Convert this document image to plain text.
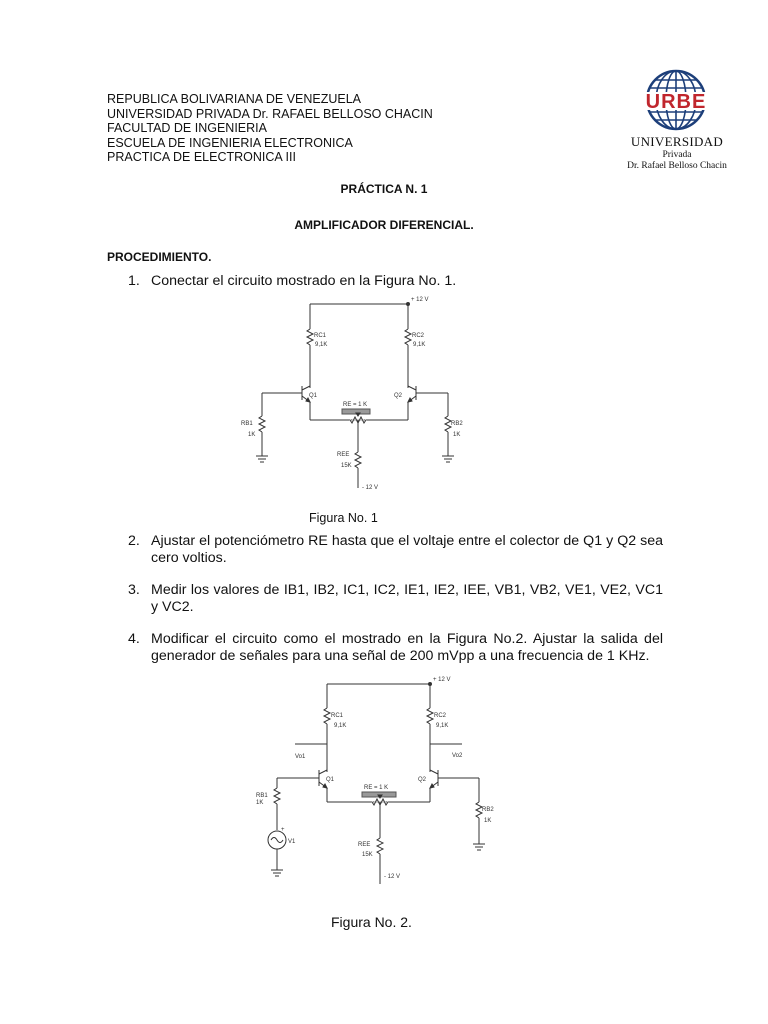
REPUBLICA BOLIVARIANA DE VENEZUELA
UNIVERSIDAD PRIVADA Dr. RAFAEL BELLOSO CHACIN
FACULTAD DE INGENIERIA
ESCUELA DE INGENIERIA ELECTRONICA
PRACTICA DE ELECTRONICA III
URBE
UNIVERSIDAD
Privada
Dr. Rafael Belloso Chacin
PRÁCTICA N. 1
AMPLIFICADOR DIFERENCIAL.
PROCEDIMIENTO.
1. Conectar el circuito mostrado en la Figura No. 1.
+ 12 V
RC1
9,1K
RC2
9,1K
Q1	Q2
RE = 1 K
REE
15K
- 12 V
RB1
1K
RB2
1K
Figura No. 1
2. Ajustar el potenciómetro RE hasta que el voltaje entre el colector de Q1 y Q2 sea cero voltios.
3. Medir los valores de IB1, IB2, IC1, IC2, IE1, IE2, IEE, VB1, VB2, VE1, VE2, VC1 y VC2.
4. Modificar el circuito como el mostrado en la Figura No.2. Ajustar la salida del generador de señales para una señal de 200 mVpp a una frecuencia de 1 KHz.
+ 12 V
RC1
9,1K
Vo1
RC2
9,1K
Vo2
Q1	Q2
RE = 1 K
REE
15K
- 12 V
RB1
1K
+
V1
RB2
1K
Figura No. 2.
